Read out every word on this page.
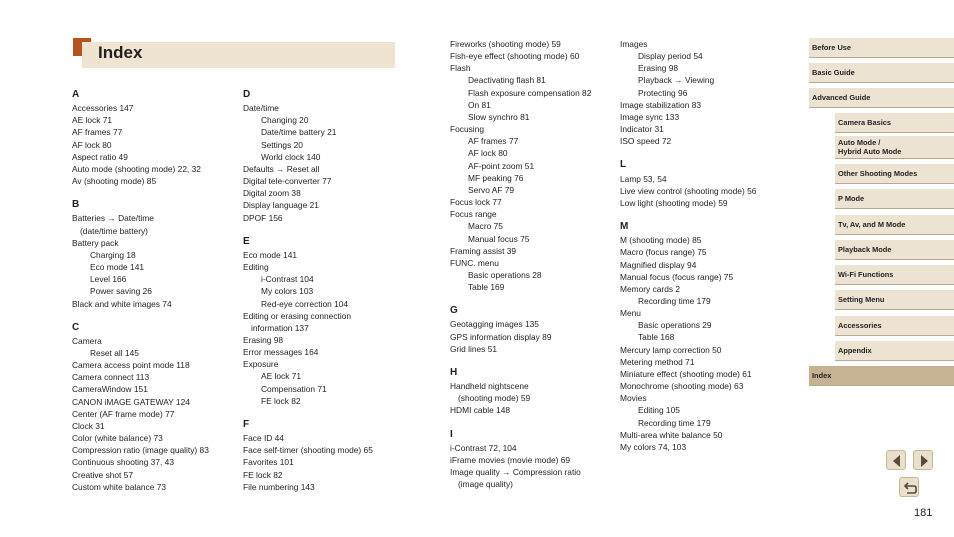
Index
A
Accessories 147
AE lock 71
AF frames 77
AF lock 80
Aspect ratio 49
Auto mode (shooting mode) 22, 32
Av (shooting mode) 85
B
Batteries → Date/time
(date/time battery)
Battery pack
Charging 18
Eco mode 141
Level 166
Power saving 26
Black and white images 74
C
Camera
Reset all 145
Camera access point mode 118
Camera connect 113
CameraWindow 151
CANON iMAGE GATEWAY 124
Center (AF frame mode) 77
Clock 31
Color (white balance) 73
Compression ratio (image quality) 83
Continuous shooting 37, 43
Creative shot 57
Custom white balance 73
D
Date/time
Changing 20
Date/time battery 21
Settings 20
World clock 140
Defaults → Reset all
Digital tele-converter 77
Digital zoom 38
Display language 21
DPOF 156
E
Eco mode 141
Editing
i-Contrast 104
My colors 103
Red-eye correction 104
Editing or erasing connection
information 137
Erasing 98
Error messages 164
Exposure
AE lock 71
Compensation 71
FE lock 82
F
Face ID 44
Face self-timer (shooting mode) 65
Favorites 101
FE lock 82
File numbering 143
Fireworks (shooting mode) 59
Fish-eye effect (shooting mode) 60
Flash
Deactivating flash 81
Flash exposure compensation 82
On 81
Slow synchro 81
Focusing
AF frames 77
AF lock 80
AF-point zoom 51
MF peaking 76
Servo AF 79
Focus lock 77
Focus range
Macro 75
Manual focus 75
Framing assist 39
FUNC. menu
Basic operations 28
Table 169
G
Geotagging images 135
GPS information display 89
Grid lines 51
H
Handheld nightscene
(shooting mode) 59
HDMI cable 148
I
i-Contrast 72, 104
iFrame movies (movie mode) 69
Image quality → Compression ratio
(image quality)
Images
Display period 54
Erasing 98
Playback → Viewing
Protecting 96
Image stabilization 83
Image sync 133
Indicator 31
ISO speed 72
L
Lamp 53, 54
Live view control (shooting mode) 56
Low light (shooting mode) 59
M
M (shooting mode) 85
Macro (focus range) 75
Magnified display 94
Manual focus (focus range) 75
Memory cards 2
Recording time 179
Menu
Basic operations 29
Table 168
Mercury lamp correction 50
Metering method 71
Miniature effect (shooting mode) 61
Monochrome (shooting mode) 63
Movies
Editing 105
Recording time 179
Multi-area white balance 50
My colors 74, 103
Before Use
Basic Guide
Advanced Guide
Camera Basics
Auto Mode /
Hybrid Auto Mode
Other Shooting Modes
P Mode
Tv, Av, and M Mode
Playback Mode
Wi-Fi Functions
Setting Menu
Accessories
Appendix
Index
181
